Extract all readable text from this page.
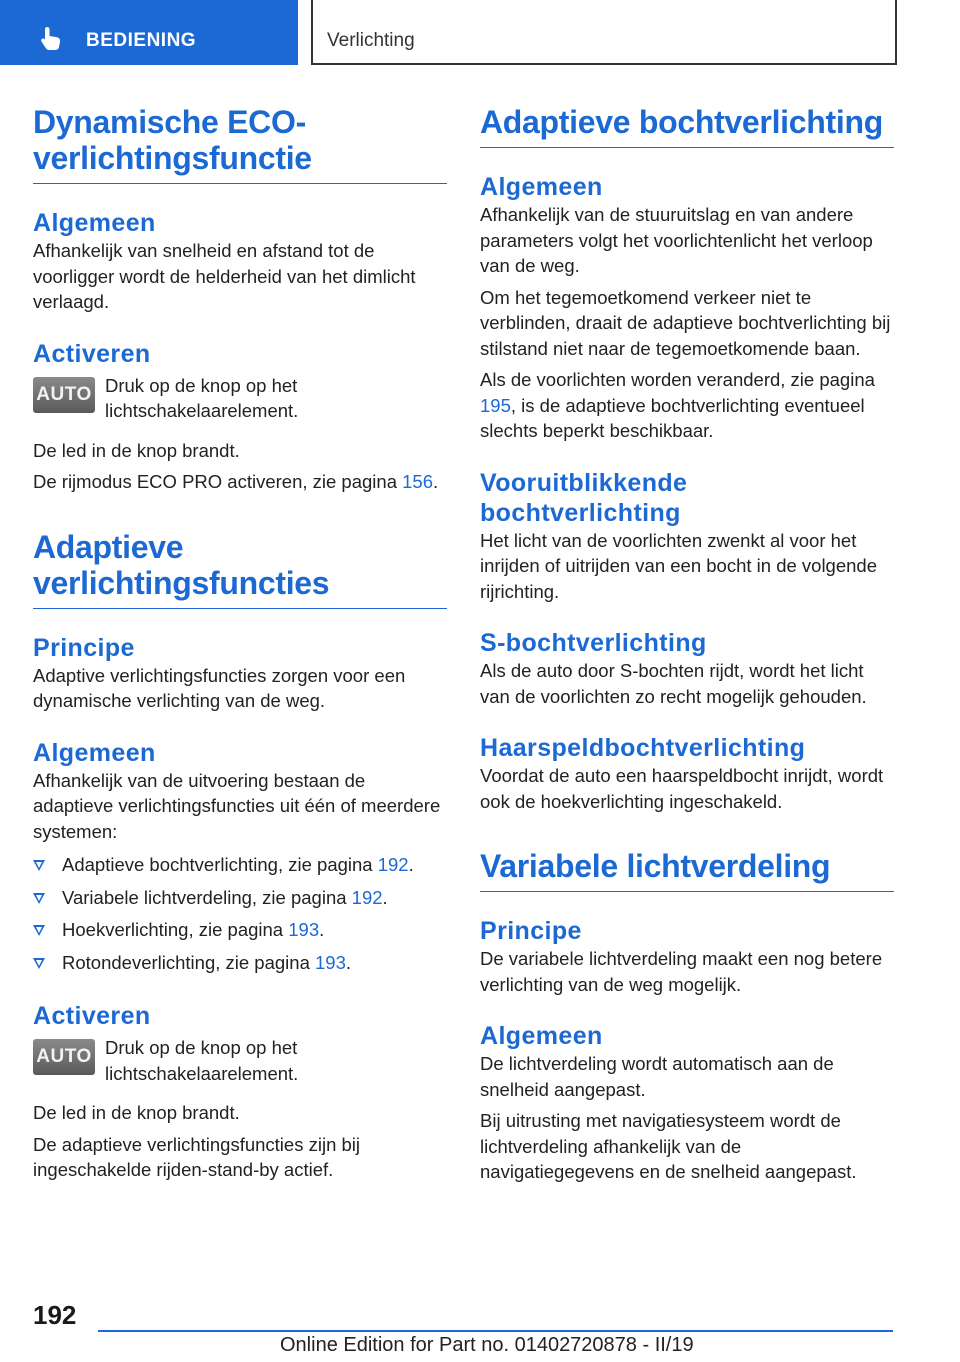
BEDIENING	Verlichting
Dynamische ECO-verlichtingsfunctie
Algemeen

Afhankelijk van snelheid en afstand tot de voorligger wordt de helderheid van het dimlicht verlaagd.

Activeren
AUTO Druk op de knop op het lichtschakelaarelement.

De led in de knop brandt.

De rijmodus ECO PRO activeren, zie pagina 156.

Adaptieve verlichtingsfuncties
Principe

Adaptive verlichtingsfuncties zorgen voor een dynamische verlichting van de weg.

Algemeen

Afhankelijk van de uitvoering bestaan de adaptieve verlichtingsfuncties uit één of meerdere systemen:

Adaptieve bochtverlichting, zie pagina 192.
Variabele lichtverdeling, zie pagina 192.
Hoekverlichting, zie pagina 193.
Rotondeverlichting, zie pagina 193.
Activeren
AUTO Druk op de knop op het lichtschakelaarelement.

De led in de knop brandt.

De adaptieve verlichtingsfuncties zijn bij ingeschakelde rijden-stand-by actief.

Adaptieve bochtverlichting
Algemeen

Afhankelijk van de stuuruitslag en van andere parameters volgt het voorlichtenlicht het verloop van de weg.

Om het tegemoetkomend verkeer niet te verblinden, draait de adaptieve bochtverlichting bij stilstand niet naar de tegemoetkomende baan.

Als de voorlichten worden veranderd, zie pagina 195, is de adaptieve bochtverlichting eventueel slechts beperkt beschikbaar.

Vooruitblikkende bochtverlichting

Het licht van de voorlichten zwenkt al voor het inrijden of uitrijden van een bocht in de volgende rijrichting.

S-bochtverlichting

Als de auto door S-bochten rijdt, wordt het licht van de voorlichten zo recht mogelijk gehouden.

Haarspeldbochtverlichting

Voordat de auto een haarspeldbocht inrijdt, wordt ook de hoekverlichting ingeschakeld.

Variabele lichtverdeling
Principe

De variabele lichtverdeling maakt een nog betere verlichting van de weg mogelijk.

Algemeen

De lichtverdeling wordt automatisch aan de snelheid aangepast.

Bij uitrusting met navigatiesysteem wordt de lichtverdeling afhankelijk van de navigatiegegevens en de snelheid aangepast.

192
Online Edition for Part no. 01402720878 - II/19
